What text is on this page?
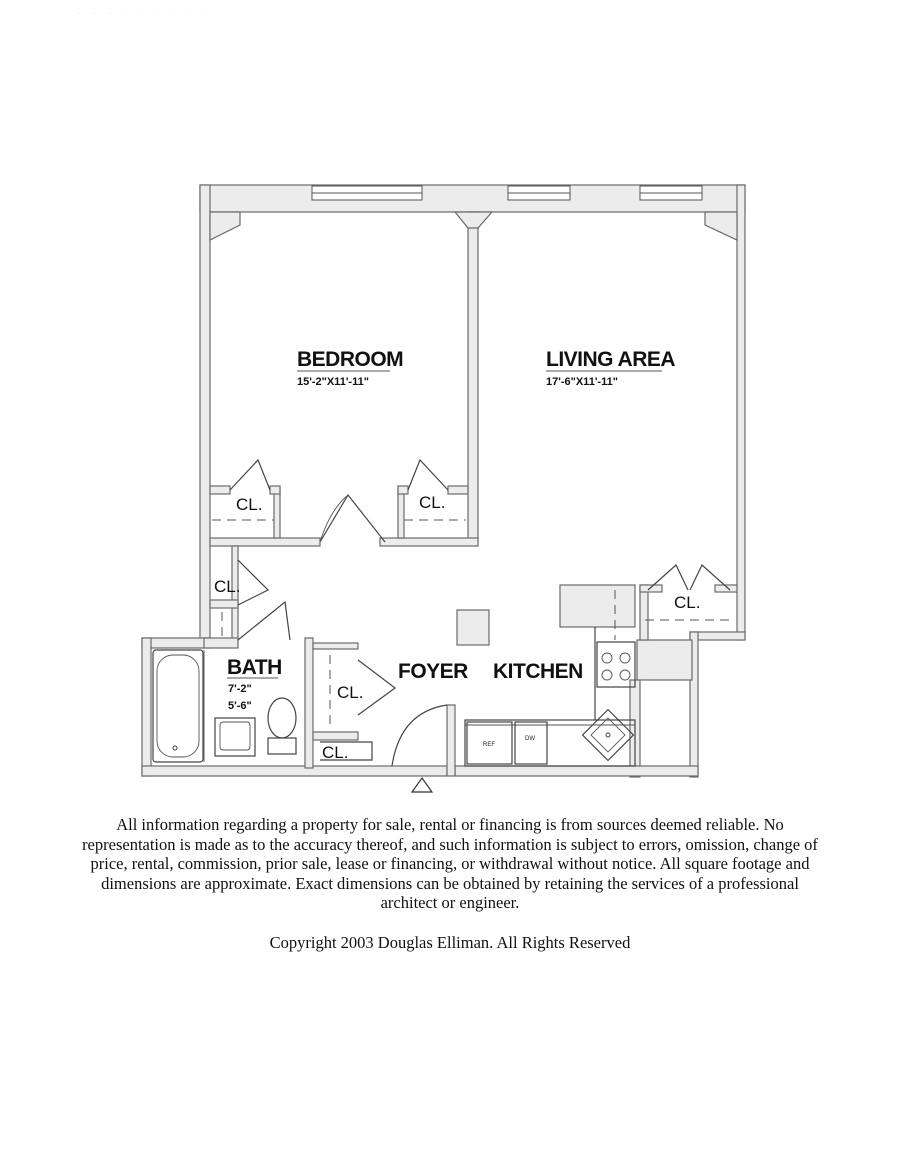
· · · · · · · · ·
BEDROOM
15'-2"X11'-11"
LIVING AREA
17'-6"X11'-11"
BATH
7'-2"
5'-6"
FOYER KITCHEN
CL.	CL.
CL.
CL.
CL.
CL.	REF
DW

All information regarding a property for sale, rental or financing is from sources deemed reliable. No representation is made as to the accuracy thereof, and such information is subject to errors, omission, change of price, rental, commission, prior sale, lease or financing, or withdrawal without notice. All square footage and dimensions are approximate. Exact dimensions can be obtained by retaining the services of a professional architect or engineer.

Copyright 2003 Douglas Elliman. All Rights Reserved
